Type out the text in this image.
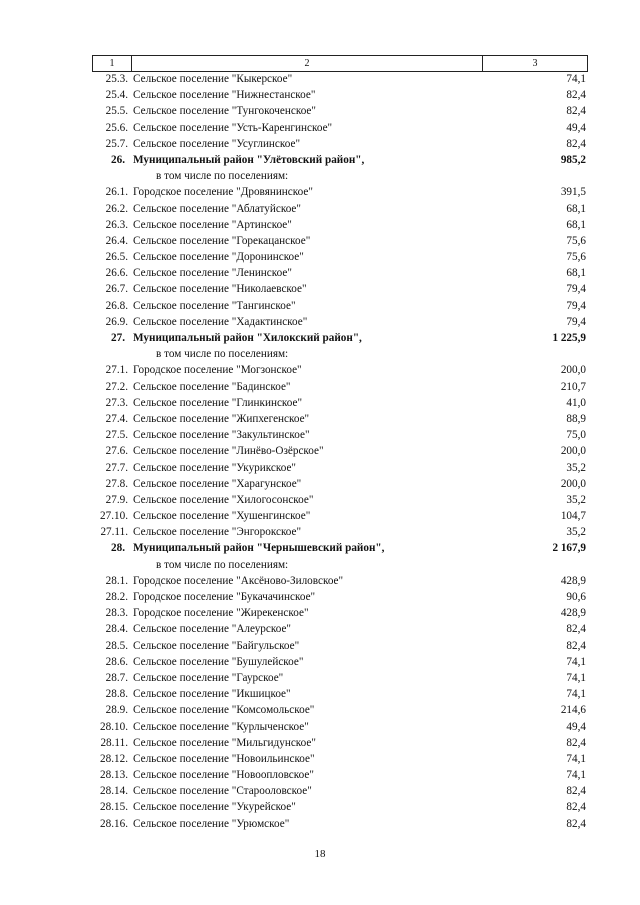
1	2	3
25.3. Сельское поселение "Кыкерское"	74,1
25.4. Сельское поселение "Нижнестанское"	82,4
25.5. Сельское поселение "Тунгокоченское"	82,4
25.6. Сельское поселение "Усть-Каренгинское"	49,4
25.7. Сельское поселение "Усуглинское"	82,4
26. Муниципальный район "Улётовский район",	985,2
в том числе по поселениям:
26.1. Городское поселение "Дровянинское"	391,5
26.2. Сельское поселение "Аблатуйское"	68,1
26.3. Сельское поселение "Артинское"	68,1
26.4. Сельское поселение "Горекацанское"	75,6
26.5. Сельское поселение "Доронинское"	75,6
26.6. Сельское поселение "Ленинское"	68,1
26.7. Сельское поселение "Николаевское"	79,4
26.8. Сельское поселение "Тангинское"	79,4
26.9. Сельское поселение "Хадактинское"	79,4
27. Муниципальный район "Хилокский район",	1 225,9
в том числе по поселениям:
27.1. Городское поселение "Могзонское"	200,0
27.2. Сельское поселение "Бадинское"	210,7
27.3. Сельское поселение "Глинкинское"	41,0
27.4. Сельское поселение "Жипхегенское"	88,9
27.5. Сельское поселение "Закультинское"	75,0
27.6. Сельское поселение "Линёво-Озёрское"	200,0
27.7. Сельское поселение "Укурикское"	35,2
27.8. Сельское поселение "Харагунское"	200,0
27.9. Сельское поселение "Хилогосонское"	35,2
27.10. Сельское поселение "Хушенгинское"	104,7
27.11. Сельское поселение "Энгорокское"	35,2
28. Муниципальный район "Чернышевский район",	2 167,9
в том числе по поселениям:
28.1. Городское поселение "Аксёново-Зиловское"	428,9
28.2. Городское поселение "Букачачинское"	90,6
28.3. Городское поселение "Жирекенское"	428,9
28.4. Сельское поселение "Алеурское"	82,4
28.5. Сельское поселение "Байгульское"	82,4
28.6. Сельское поселение "Бушулейское"	74,1
28.7. Сельское поселение "Гаурское"	74,1
28.8. Сельское поселение "Икшицкое"	74,1
28.9. Сельское поселение "Комсомольское"	214,6
28.10. Сельское поселение "Курлыченское"	49,4
28.11. Сельское поселение "Мильгидунское"	82,4
28.12. Сельское поселение "Новоильинское"	74,1
28.13. Сельское поселение "Новоопловское"	74,1
28.14. Сельское поселение "Старооловское"	82,4
28.15. Сельское поселение "Укурейское"	82,4
28.16. Сельское поселение "Урюмское"	82,4
18
